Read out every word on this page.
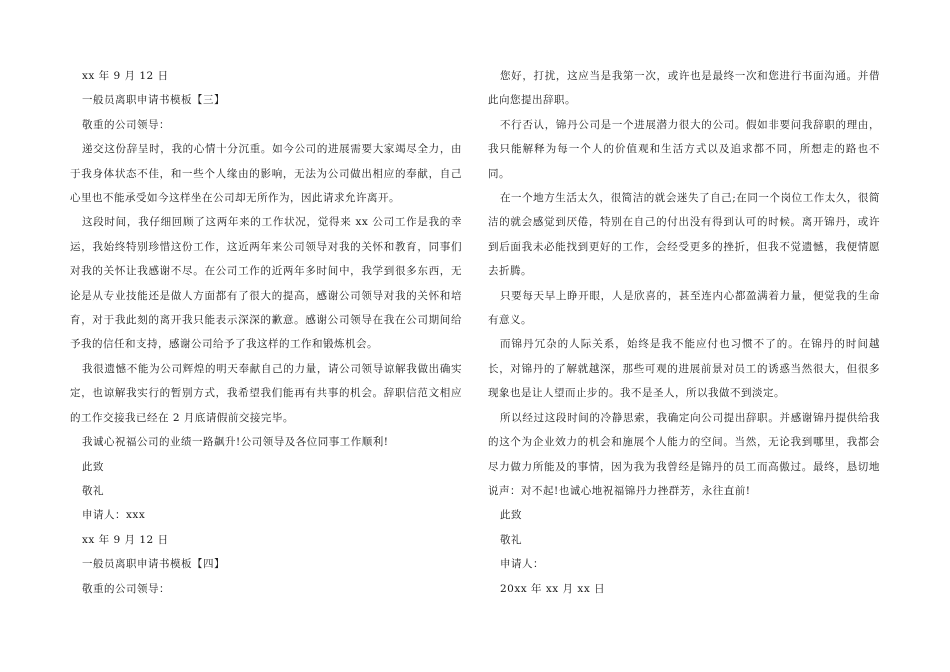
xx 年 9 月 12 日

一般员离职申请书模板【三】

敬重的公司领导：

递交这份辞呈时，我的心情十分沉重。如今公司的进展需要大家竭尽全力，由于我身体状态不佳，和一些个人缘由的影响，无法为公司做出相应的奉献，自己心里也不能承受如今这样坐在公司却无所作为，因此请求允许离开。

这段时间，我仔细回顾了这两年来的工作状况，觉得来 xx 公司工作是我的幸运，我始终特别珍惜这份工作，这近两年来公司领导对我的关怀和教育，同事们对我的关怀让我感谢不尽。在公司工作的近两年多时间中，我学到很多东西，无论是从专业技能还是做人方面都有了很大的提高，感谢公司领导对我的关怀和培育，对于我此刻的离开我只能表示深深的歉意。感谢公司领导在我在公司期间给予我的信任和支持，感谢公司给予了我这样的工作和锻炼机会。

我很遗憾不能为公司辉煌的明天奉献自己的力量，请公司领导谅解我做出确实定，也谅解我实行的暂别方式，我希望我们能再有共事的机会。辞职信范文相应的工作交接我已经在 2 月底请假前交接完毕。

我诚心祝福公司的业绩一路飙升!公司领导及各位同事工作顺利!

此致

敬礼

申请人：xxx

xx 年 9 月 12 日

一般员离职申请书模板【四】

敬重的公司领导：

您好，打扰，这应当是我第一次，或许也是最终一次和您进行书面沟通。并借此向您提出辞职。

不行否认，锦丹公司是一个进展潜力很大的公司。假如非要问我辞职的理由，我只能解释为每一个人的价值观和生活方式以及追求都不同，所想走的路也不同。

在一个地方生活太久，很简洁的就会迷失了自己;在同一个岗位工作太久，很简洁的就会感觉到厌倦，特别在自己的付出没有得到认可的时候。离开锦丹，或许到后面我未必能找到更好的工作，会经受更多的挫折，但我不觉遗憾，我便情愿去折腾。

只要每天早上睁开眼，人是欣喜的，甚至连内心都盈满着力量，便觉我的生命有意义。

而锦丹冗杂的人际关系，始终是我不能应付也习惯不了的。在锦丹的时间越长，对锦丹的了解就越深，那些可观的进展前景对员工的诱惑当然很大，但很多现象也是让人望而止步的。我不是圣人，所以我做不到淡定。

所以经过这段时间的冷静思索，我确定向公司提出辞职。并感谢锦丹提供给我的这个为企业效力的机会和施展个人能力的空间。当然，无论我到哪里，我都会尽力做力所能及的事情，因为我为我曾经是锦丹的员工而高傲过。最终，恳切地说声：对不起!也诚心地祝福锦丹力挫群芳，永往直前!

此致

敬礼

申请人：

20xx 年 xx 月 xx 日
